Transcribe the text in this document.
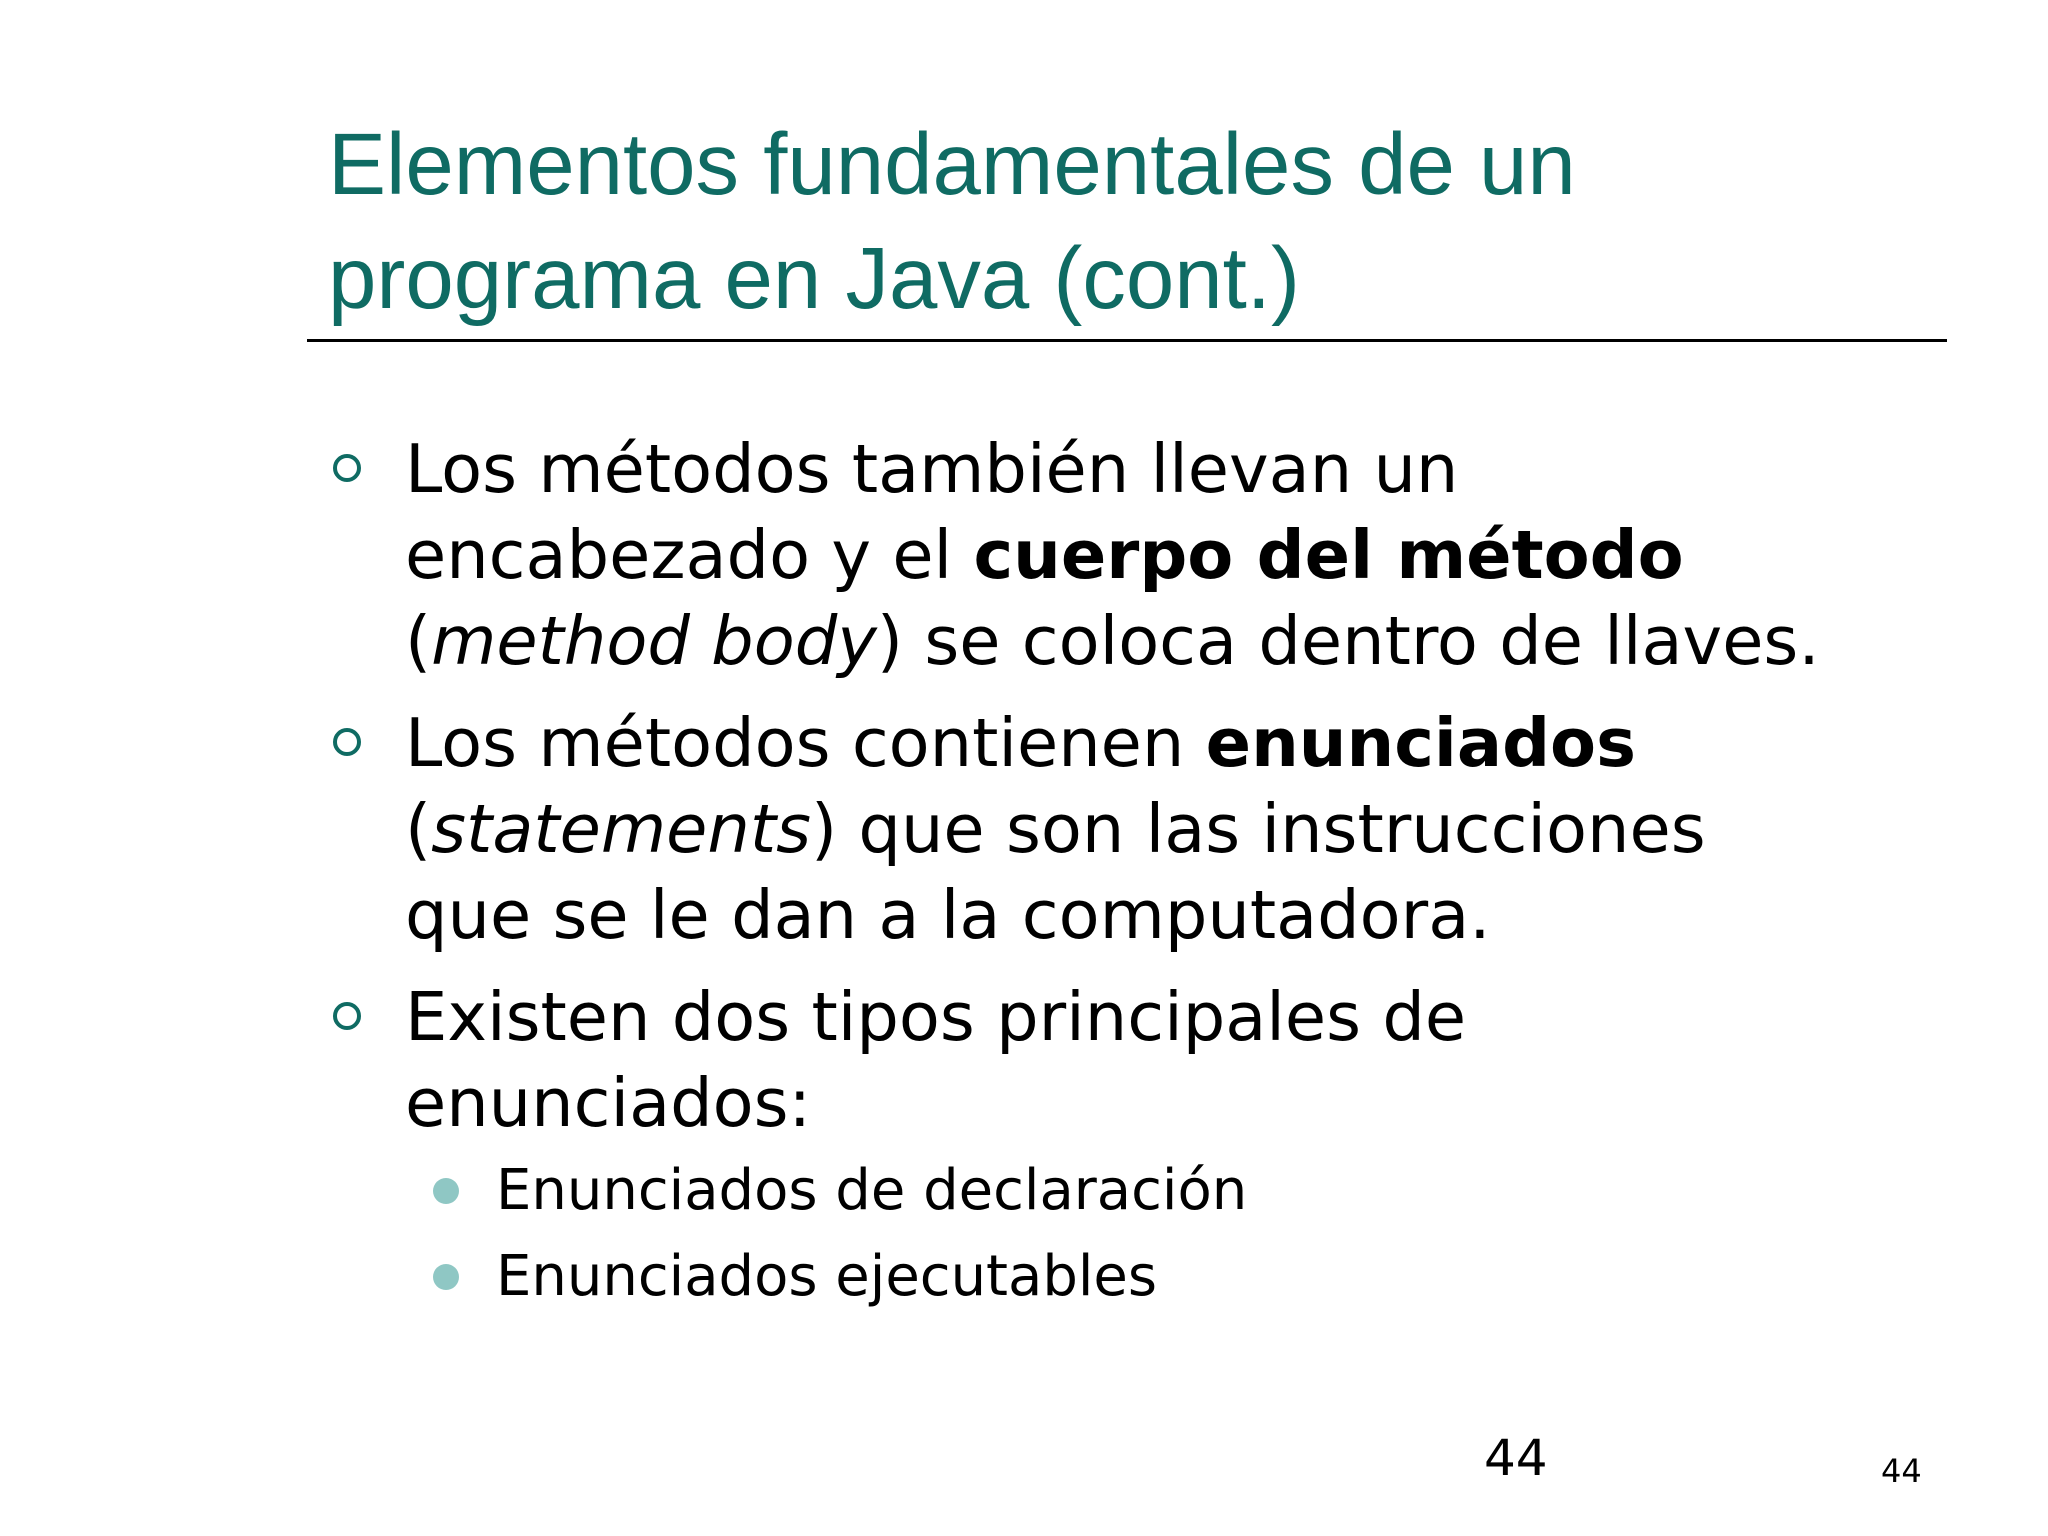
Elementos fundamentales de un
programa en Java (cont.)
Los métodos también llevan un
encabezado y el cuerpo del método
(method body) se coloca dentro de llaves.
Los métodos contienen enunciados
(statements) que son las instrucciones
que se le dan a la computadora.
Existen dos tipos principales de
enunciados:
Enunciados de declaración
Enunciados ejecutables
44	44
